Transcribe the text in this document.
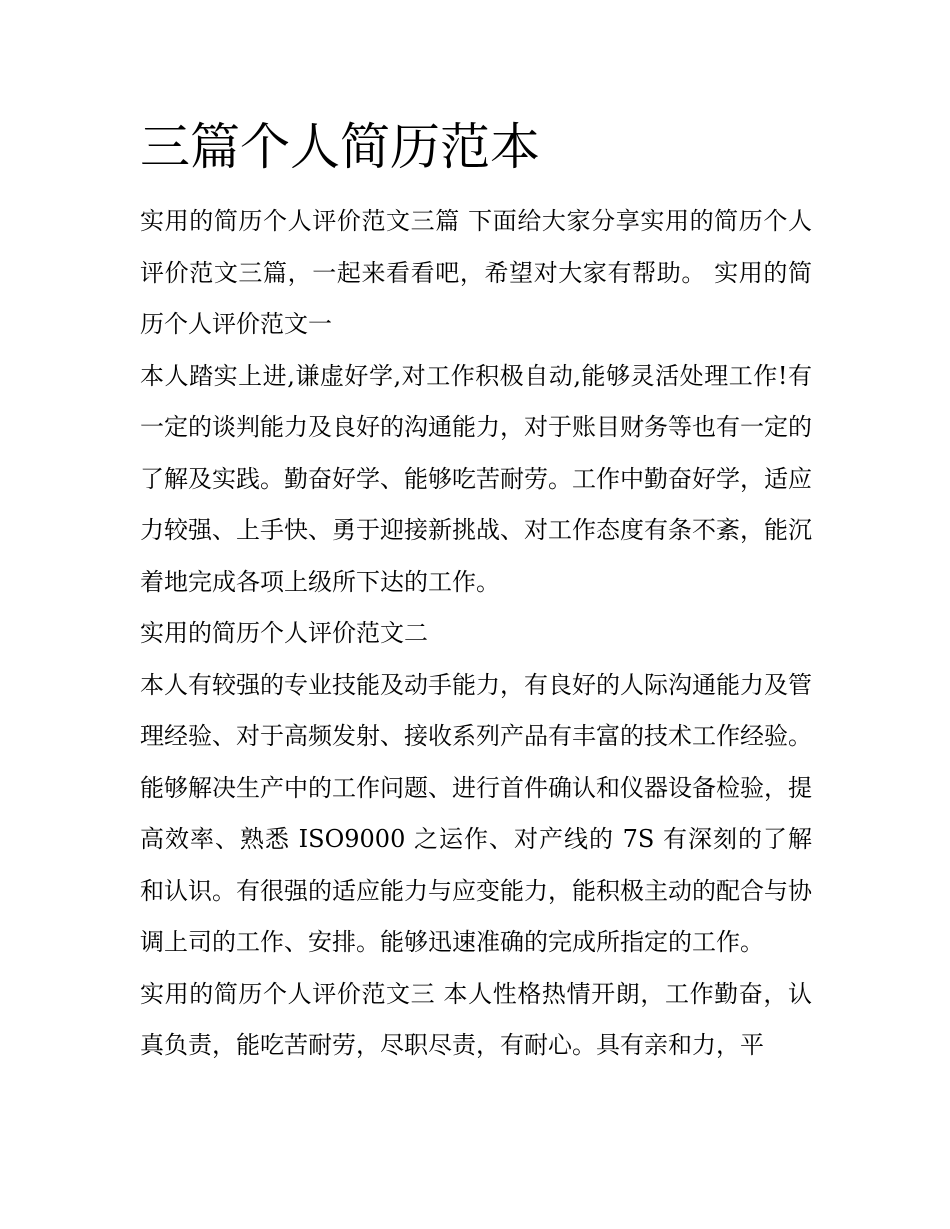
三篇个人简历范本

实用的简历个人评价范文三篇 下面给大家分享实用的简历个人评价范文三篇，一起来看看吧，希望对大家有帮助。 实用的简历个人评价范文一

本人踏实上进,谦虚好学,对工作积极自动,能够灵活处理工作!有一定的谈判能力及良好的沟通能力，对于账目财务等也有一定的了解及实践。勤奋好学、能够吃苦耐劳。工作中勤奋好学，适应力较强、上手快、勇于迎接新挑战、对工作态度有条不紊，能沉着地完成各项上级所下达的工作。

实用的简历个人评价范文二

本人有较强的专业技能及动手能力，有良好的人际沟通能力及管理经验、对于高频发射、接收系列产品有丰富的技术工作经验。能够解决生产中的工作问题、进行首件确认和仪器设备检验，提高效率、熟悉 ISO9000 之运作、对产线的 7S 有深刻的了解和认识。有很强的适应能力与应变能力，能积极主动的配合与协调上司的工作、安排。能够迅速准确的完成所指定的工作。

实用的简历个人评价范文三 本人性格热情开朗，工作勤奋，认真负责，能吃苦耐劳，尽职尽责，有耐心。具有亲和力，平
